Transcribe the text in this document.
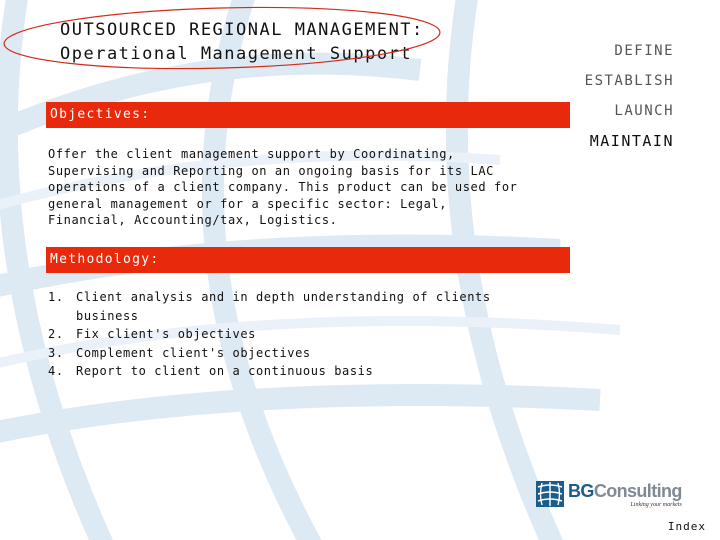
OUTSOURCED REGIONAL MANAGEMENT:
Operational Management Support	DEFINE
ESTABLISH
LAUNCH
MAINTAIN
Objectives:
Offer the client management support by Coordinating,
Supervising and Reporting on an ongoing basis for its LAC
operations of a client company. This product can be used for
general management or for a specific sector: Legal,
Financial, Accounting/tax, Logistics.
Methodology:
1.	Client analysis and in depth understanding of clients
business
2.	Fix client's objectives
3.	Complement client's objectives
4.	Report to client on a continuous basis
BGConsulting
Linking your markets
Index
